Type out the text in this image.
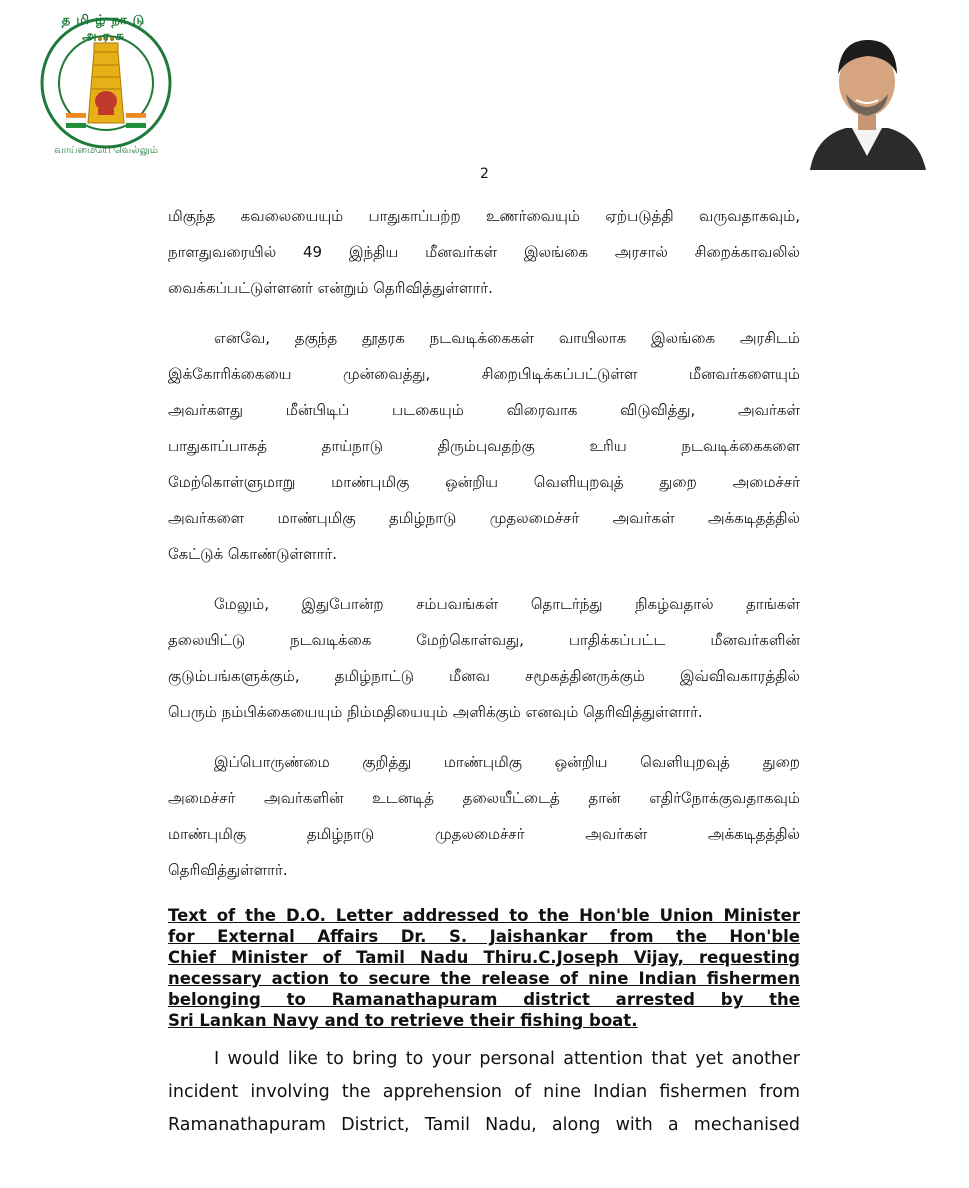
தமிழ்நாடு அரசு
வாய்மையே வெல்லும்
2
மிகுந்த கவலையையும் பாதுகாப்பற்ற உணர்வையும் ஏற்படுத்தி வருவதாகவும்,
நாளதுவரையில் 49 இந்திய மீனவர்கள் இலங்கை அரசால் சிறைக்காவலில்
வைக்கப்பட்டுள்ளனர் என்றும் தெரிவித்துள்ளார்.
எனவே, தகுந்த தூதரக நடவடிக்கைகள் வாயிலாக இலங்கை அரசிடம்
இக்கோரிக்கையை முன்வைத்து, சிறைபிடிக்கப்பட்டுள்ள மீனவர்களையும்
அவர்களது மீன்பிடிப் படகையும் விரைவாக விடுவித்து, அவர்கள்
பாதுகாப்பாகத் தாய்நாடு திரும்புவதற்கு உரிய நடவடிக்கைகளை
மேற்கொள்ளுமாறு மாண்புமிகு ஒன்றிய வெளியுறவுத் துறை அமைச்சர்
அவர்களை மாண்புமிகு தமிழ்நாடு முதலமைச்சர் அவர்கள் அக்கடிதத்தில்
கேட்டுக் கொண்டுள்ளார்.
மேலும், இதுபோன்ற சம்பவங்கள் தொடர்ந்து நிகழ்வதால் தாங்கள்
தலையிட்டு நடவடிக்கை மேற்கொள்வது, பாதிக்கப்பட்ட மீனவர்களின்
குடும்பங்களுக்கும், தமிழ்நாட்டு மீனவ சமூகத்தினருக்கும் இவ்விவகாரத்தில்
பெரும் நம்பிக்கையையும் நிம்மதியையும் அளிக்கும் எனவும் தெரிவித்துள்ளார்.
இப்பொருண்மை குறித்து மாண்புமிகு ஒன்றிய வெளியுறவுத் துறை
அமைச்சர் அவர்களின் உடனடித் தலையீட்டைத் தான் எதிர்நோக்குவதாகவும்
மாண்புமிகு தமிழ்நாடு முதலமைச்சர் அவர்கள் அக்கடிதத்தில்
தெரிவித்துள்ளார்.
Text of the D.O. Letter addressed to the Hon'ble Union Minister
for External Affairs Dr. S. Jaishankar from the Hon'ble
Chief Minister of Tamil Nadu Thiru.C.Joseph Vijay, requesting
necessary action to secure the release of nine Indian fishermen
belonging to Ramanathapuram district arrested by the
Sri Lankan Navy and to retrieve their fishing boat.
I would like to bring to your personal attention that yet another
incident involving the apprehension of nine Indian fishermen from
Ramanathapuram District, Tamil Nadu, along with a mechanised
